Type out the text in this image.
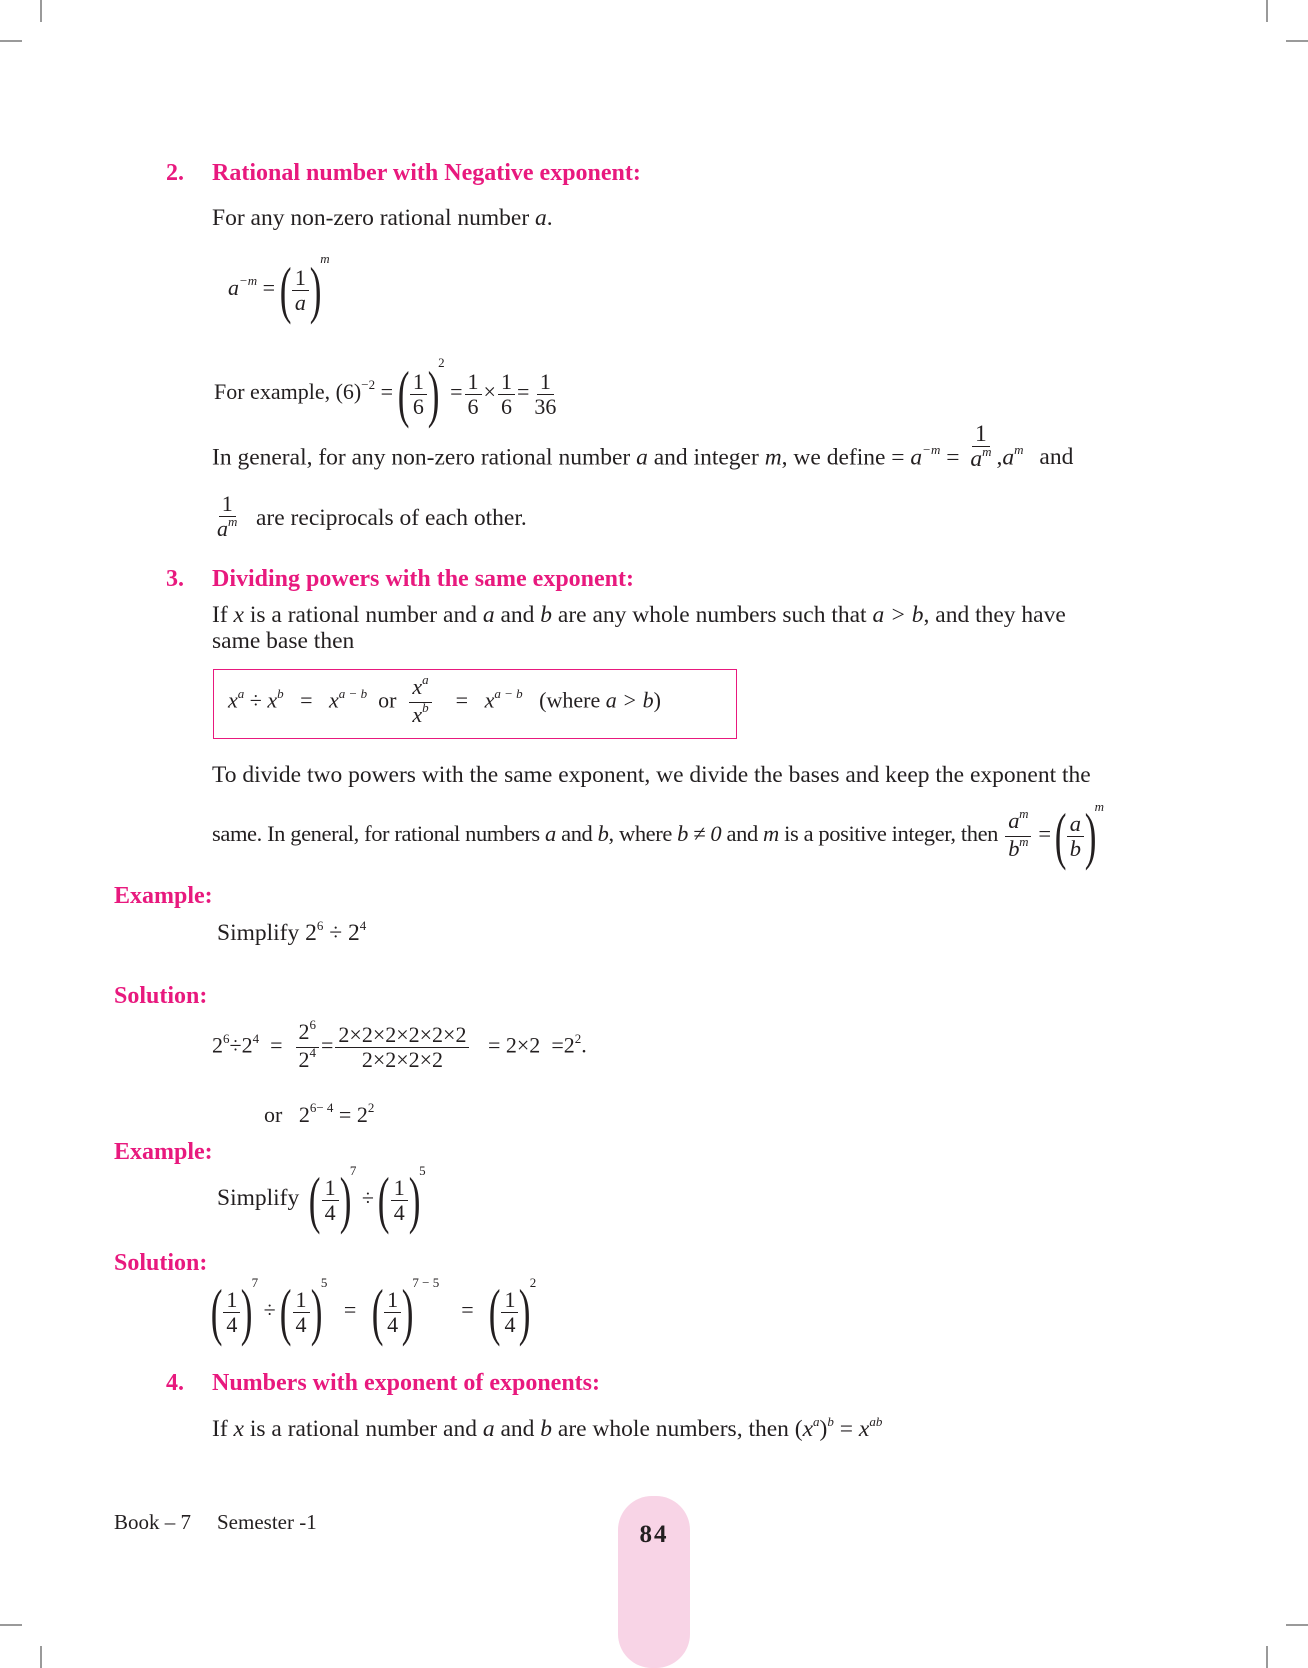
2. Rational number with Negative exponent:
For any non-zero rational number a.
$a^{-m}$ = ( $\frac{1}{a} )^m$
For example, $(6)^{-2}$ = ( $\frac{1}{6} )^2 = \frac{1}{6} \times \frac{1}{6} = \frac{1}{36}$
In general, for any non-zero rational number a and integer m, we define = $a^{-m} = \frac{1}{a^m} ,a^m$ and
$\frac{1}{a^m}$ are reciprocals of each other.
3. Dividing powers with the same exponent:
If x is a rational number and a and b are any whole numbers such that a > b, and they have
same base then
$x^a \div x^b = x^{a - b}$ or $\frac{x^a}{x^b} = x^{a - b}$ (where a > b)
To divide two powers with the same exponent, we divide the bases and keep the exponent the
same. In general, for rational numbers a and b, where b ≠ 0 and m is a positive integer, then $\frac{a^m}{b^m}$ = ( $\frac{a}{b} )^m$
Example:
Simplify $2^6 \div 2^4$
Solution:
$2^6\div 2^4 = \frac{2^6}{2^4} = \frac{2\times 2\times 2\times 2\times 2\times 2}{2\times 2\times 2\times 2} = 2\times 2 =2^2$.
or $2^{6- 4} = 2^2$
Example:
Simplify ( $\frac{1}{4} )^7$ ÷ ( $\frac{1}{4} )^5$
Solution:
( $\frac{1}{4} )^7$ ÷ ( $\frac{1}{4} )^5$   = ( $\frac{1}{4} )^{7 - 5}$    = ( $\frac{1}{4} )^2$
4. Numbers with exponent of exponents:
If x is a rational number and a and b are whole numbers, then $(x^a)^b = x^{ab}$
Book – 7 Semester -1	84
